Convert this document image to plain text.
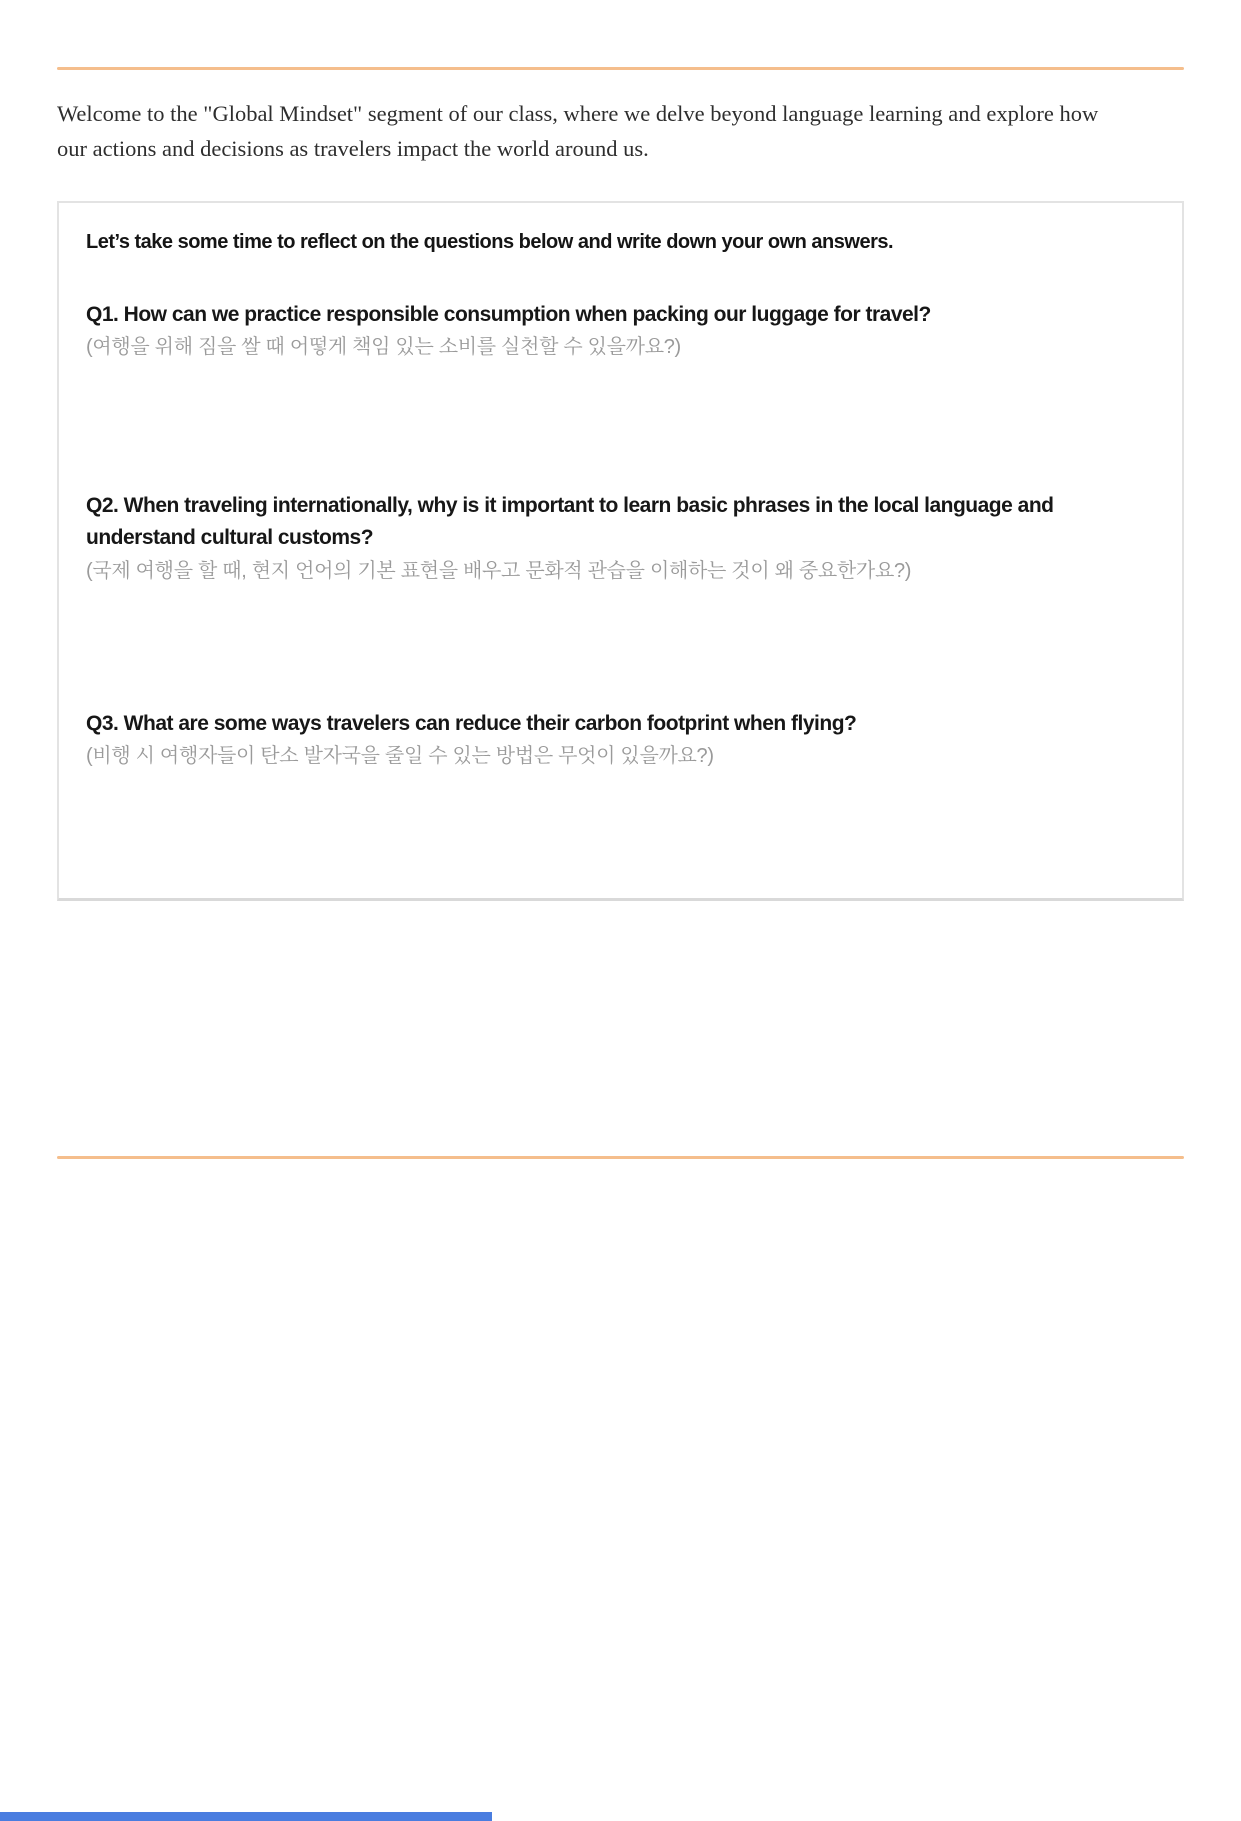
Welcome to the "Global Mindset" segment of our class, where we delve beyond language learning and explore how our actions and decisions as travelers impact the world around us.

Let’s take some time to reflect on the questions below and write down your own answers.
Q1. How can we practice responsible consumption when packing our luggage for travel?
(여행을 위해 짐을 쌀 때 어떻게 책임 있는 소비를 실천할 수 있을까요?)
Q2. When traveling internationally, why is it important to learn basic phrases in the local language and understand cultural customs?
(국제 여행을 할 때, 현지 언어의 기본 표현을 배우고 문화적 관습을 이해하는 것이 왜 중요한가요?)
Q3. What are some ways travelers can reduce their carbon footprint when flying?
(비행 시 여행자들이 탄소 발자국을 줄일 수 있는 방법은 무엇이 있을까요?)
